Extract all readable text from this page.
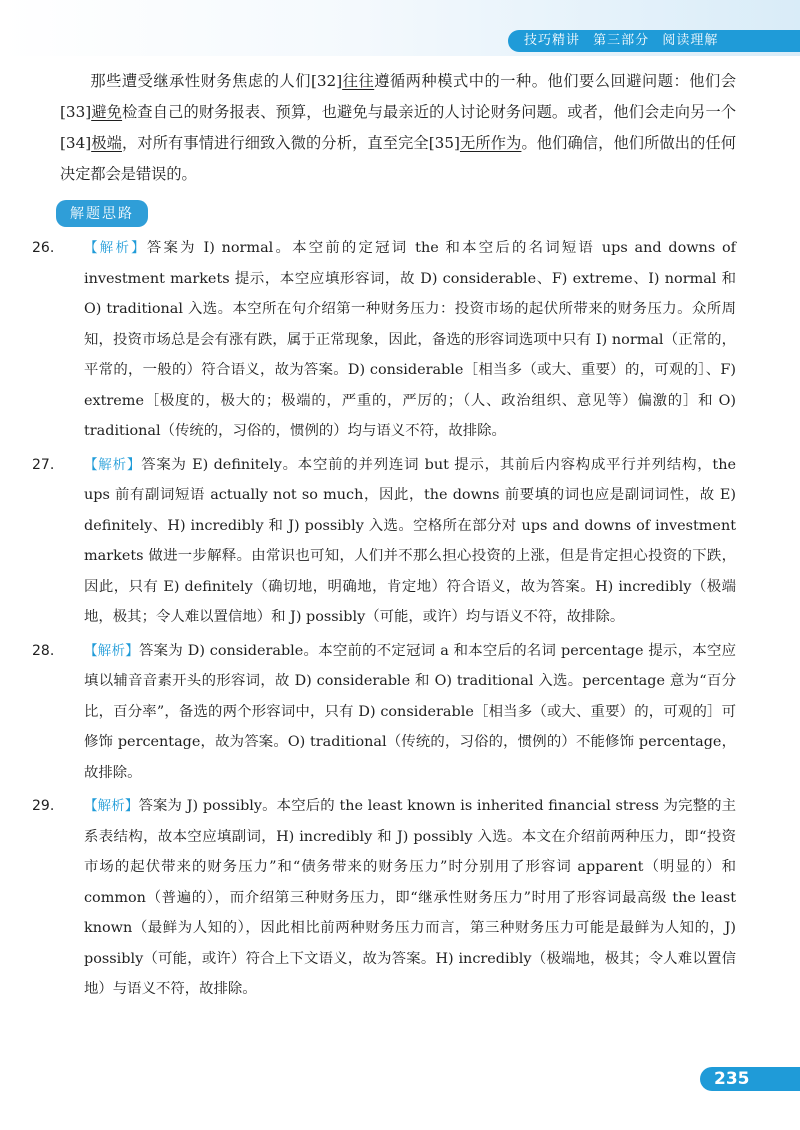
技巧精讲 第三部分 阅读理解

那些遭受继承性财务焦虑的人们[32]往往遵循两种模式中的一种。他们要么回避问题：他们会[33]避免检查自己的财务报表、预算，也避免与最亲近的人讨论财务问题。或者，他们会走向另一个[34]极端，对所有事情进行细致入微的分析，直至完全[35]无所作为。他们确信，他们所做出的任何决定都会是错误的。

解题思路
26.	【解析】答案为 I) normal。本空前的定冠词 the 和本空后的名词短语 ups and downs of investment markets 提示，本空应填形容词，故 D) considerable、F) extreme、I) normal 和 O) traditional 入选。本空所在句介绍第一种财务压力：投资市场的起伏所带来的财务压力。众所周知，投资市场总是会有涨有跌，属于正常现象，因此，备选的形容词选项中只有 I) normal（正常的，平常的，一般的）符合语义，故为答案。D) considerable［相当多（或大、重要）的，可观的］、F) extreme［极度的，极大的；极端的，严重的，严厉的；（人、政治组织、意见等）偏激的］和 O) traditional（传统的，习俗的，惯例的）均与语义不符，故排除。

27.	【解析】答案为 E) definitely。本空前的并列连词 but 提示，其前后内容构成平行并列结构，the ups 前有副词短语 actually not so much，因此，the downs 前要填的词也应是副词词性，故 E) definitely、H) incredibly 和 J) possibly 入选。空格所在部分对 ups and downs of investment markets 做进一步解释。由常识也可知，人们并不那么担心投资的上涨，但是肯定担心投资的下跌，因此，只有 E) definitely（确切地，明确地，肯定地）符合语义，故为答案。H) incredibly（极端地，极其；令人难以置信地）和 J) possibly（可能，或许）均与语义不符，故排除。

28.	【解析】答案为 D) considerable。本空前的不定冠词 a 和本空后的名词 percentage 提示，本空应填以辅音音素开头的形容词，故 D) considerable 和 O) traditional 入选。percentage 意为“百分比，百分率”，备选的两个形容词中，只有 D) considerable［相当多（或大、重要）的，可观的］可修饰 percentage，故为答案。O) traditional（传统的，习俗的，惯例的）不能修饰 percentage，故排除。

29.	【解析】答案为 J) possibly。本空后的 the least known is inherited financial stress 为完整的主系表结构，故本空应填副词，H) incredibly 和 J) possibly 入选。本文在介绍前两种压力，即“投资市场的起伏带来的财务压力”和“债务带来的财务压力”时分别用了形容词 apparent（明显的）和 common（普遍的），而介绍第三种财务压力，即“继承性财务压力”时用了形容词最高级 the least known（最鲜为人知的），因此相比前两种财务压力而言，第三种财务压力可能是最鲜为人知的，J) possibly（可能，或许）符合上下文语义，故为答案。H) incredibly（极端地，极其；令人难以置信地）与语义不符，故排除。

235
